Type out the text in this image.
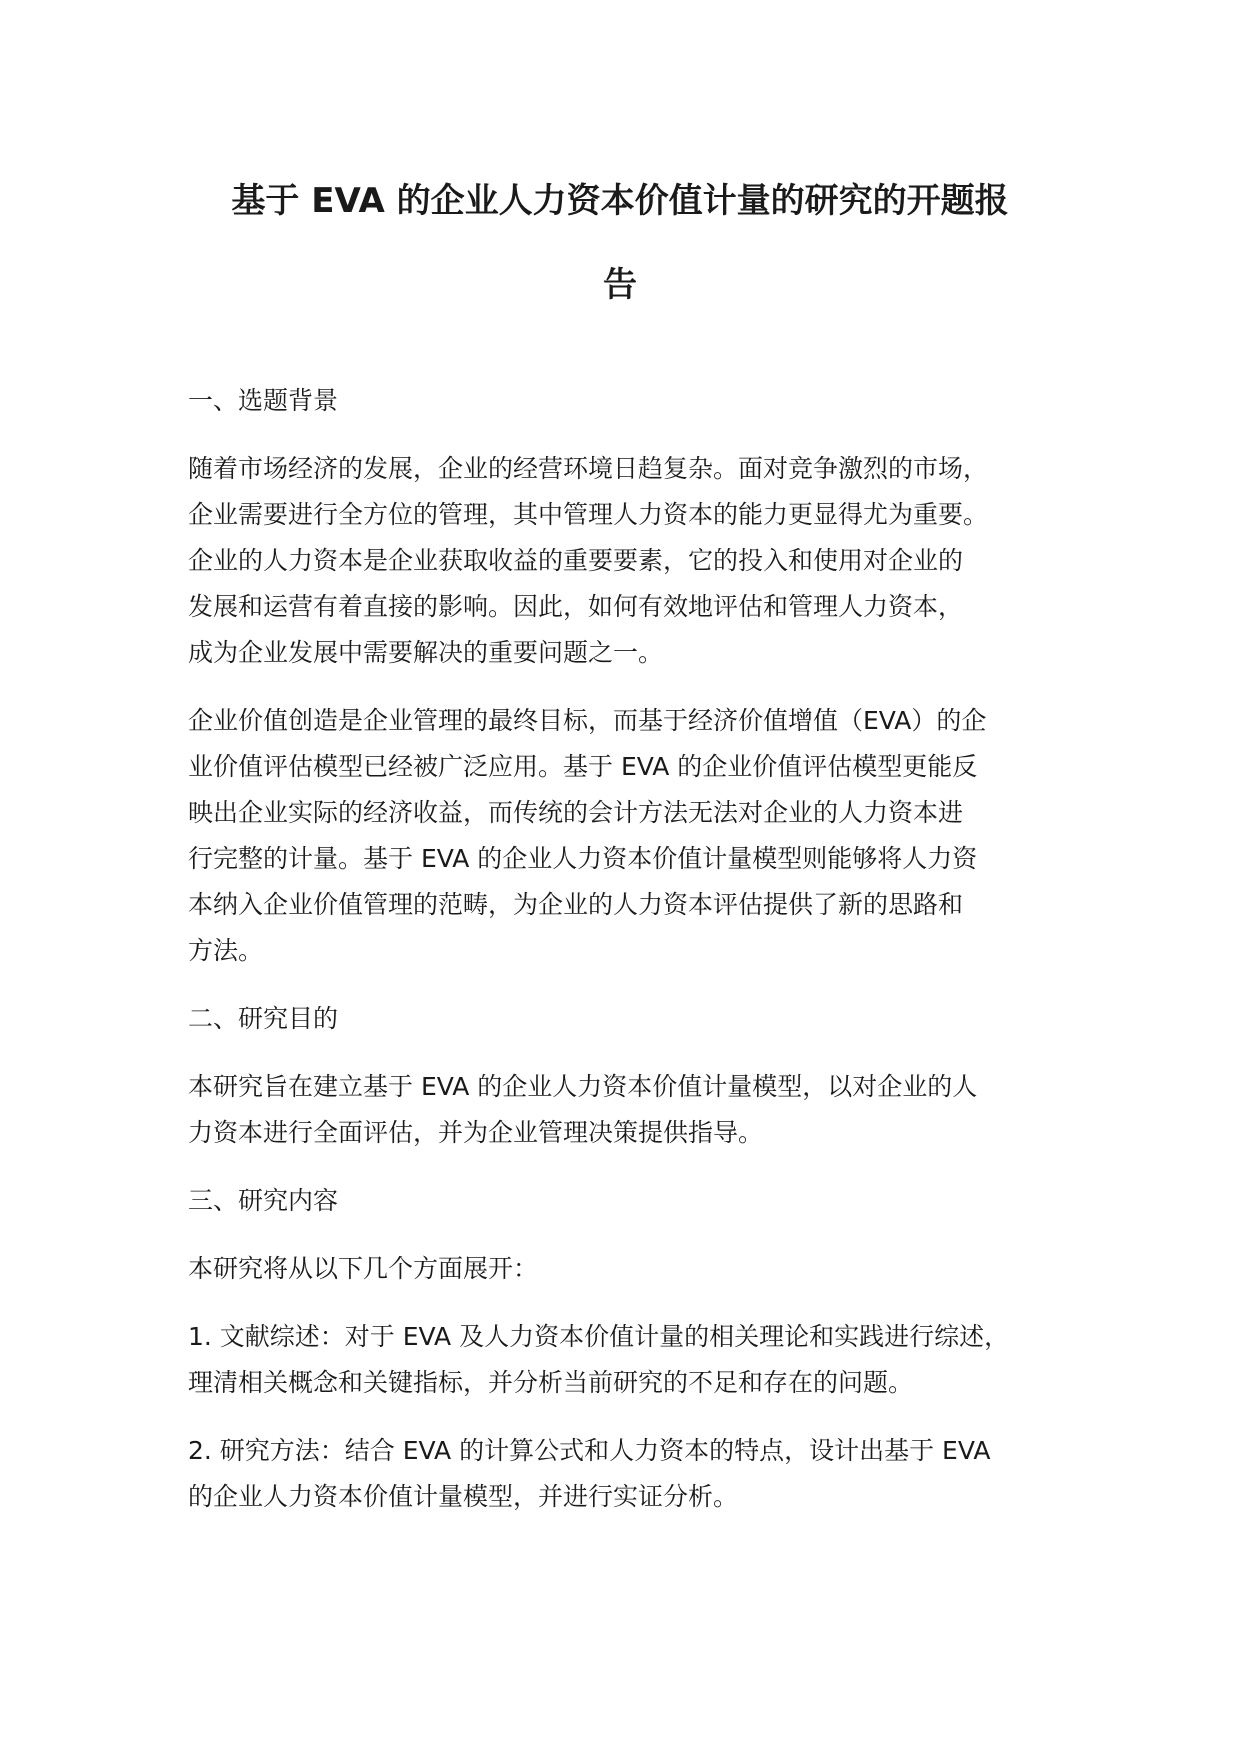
基于 EVA 的企业人力资本价值计量的研究的开题报
告

一、选题背景

随着市场经济的发展，企业的经营环境日趋复杂。面对竞争激烈的市场，

企业需要进行全方位的管理，其中管理人力资本的能力更显得尤为重要。

企业的人力资本是企业获取收益的重要要素，它的投入和使用对企业的

发展和运营有着直接的影响。因此，如何有效地评估和管理人力资本，

成为企业发展中需要解决的重要问题之一。

企业价值创造是企业管理的最终目标，而基于经济价值增值（EVA）的企

业价值评估模型已经被广泛应用。基于 EVA 的企业价值评估模型更能反

映出企业实际的经济收益，而传统的会计方法无法对企业的人力资本进

行完整的计量。基于 EVA 的企业人力资本价值计量模型则能够将人力资

本纳入企业价值管理的范畴，为企业的人力资本评估提供了新的思路和

方法。

二、研究目的

本研究旨在建立基于 EVA 的企业人力资本价值计量模型，以对企业的人

力资本进行全面评估，并为企业管理决策提供指导。

三、研究内容

本研究将从以下几个方面展开：

1. 文献综述：对于 EVA 及人力资本价值计量的相关理论和实践进行综述，

理清相关概念和关键指标，并分析当前研究的不足和存在的问题。

2. 研究方法：结合 EVA 的计算公式和人力资本的特点，设计出基于 EVA

的企业人力资本价值计量模型，并进行实证分析。
